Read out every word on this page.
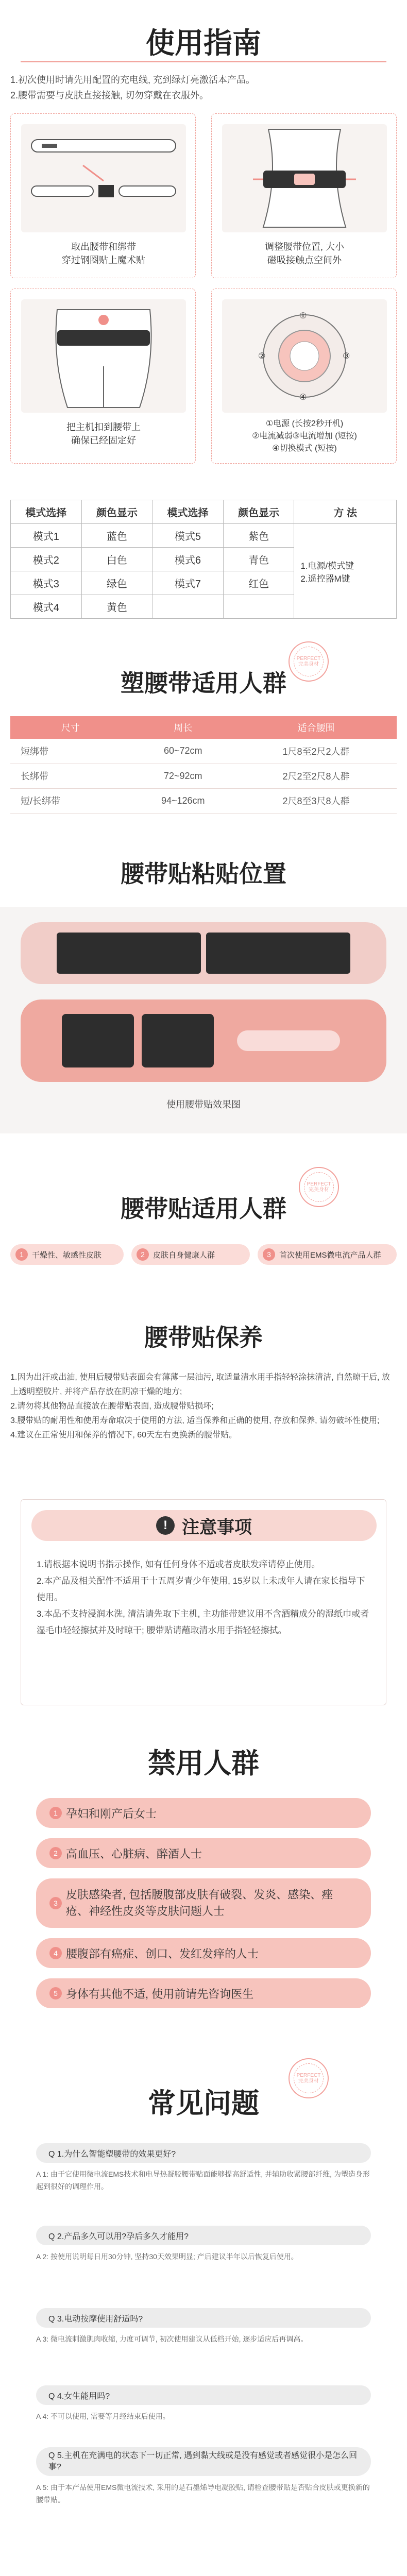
使用指南
1.初次使用时请先用配置的充电线, 充到绿灯亮激活本产品。
2.腰带需要与皮肤直接接触, 切勿穿戴在衣服外。
取出腰带和绑带
穿过钢圈贴上魔术贴
调整腰带位置, 大小
磁吸接触点空间外
把主机扣到腰带上
确保已经固定好
①
②	③
④
①电源 (长按2秒开机)
②电流减弱③电流增加 (短按)
④切换模式 (短按)
模式选择	颜色显示	模式选择	颜色显示	方 法
模式1	蓝色	模式5	紫色	1.电源/模式键
2.遥控器M键
模式2	白色	模式6	青色	
模式3	绿色	模式7	红色	
模式4	黄色			
PERFECT
完美身材
塑腰带适用人群
尺寸	周长	适合腰围
短绑带	60~72cm	1尺8至2尺2人群
长绑带	72~92cm	2尺2至2尺8人群
短/长绑带	94~126cm	2尺8至3尺8人群
腰带贴粘贴位置
使用腰带贴效果图
PERFECT
完美身材
腰带贴适用人群
1	干燥性、敏感性皮肤	2	皮肤自身健康人群	3	首次使用EMS微电流产品人群
腰带贴保养
1.因为出汗或出油, 使用后腰带贴表面会有薄薄一层油污, 取适量清水用手指轻轻涂抹清洁, 自然晾干后, 放上透明塑胶片, 并将产品存放在阴凉干燥的地方;
2.请勿将其他物品直接放在腰带贴表面, 造成腰带贴损坏;
3.腰带贴的耐用性和使用寿命取决于使用的方法, 适当保养和正确的使用, 存放和保养, 请勿破坏性使用;
4.建议在正常使用和保养的情况下, 60天左右更换新的腰带贴。
! 注意事项
1.请根据本说明书指示操作, 如有任何身体不适或者皮肤发痒请停止使用。
2.本产品及相关配件不适用于十五周岁青少年使用, 15岁以上未成年人请在家长指导下使用。
3.本品不支持浸润水洗, 清洁请先取下主机, 主功能带建议用不含酒精成分的湿纸巾或者湿毛巾轻轻擦拭并及时晾干; 腰带贴请蘸取清水用手指轻轻擦拭。
禁用人群
1 孕妇和刚产后女士
2 高血压、心脏病、醉酒人士
3
皮肤感染者, 包括腰腹部皮肤有破裂、发炎、感染、痤疮、神经性皮炎等皮肤问题人士
4 腰腹部有癌症、创口、发红发痒的人士
5 身体有其他不适, 使用前请先咨询医生
PERFECT
完美身材
常见问题
Q 1.为什么智能塑腰带的效果更好?
A 1: 由于它使用微电流EMS技术和电导热凝胶腰带贴面能够提高舒适性, 并辅助收紧腰部纤维, 为塑造身形起到很好的调理作用。
Q 2.产品多久可以用?孕后多久才能用?
A 2: 按使用说明每日用30分钟, 坚持30天效果明显; 产后建议半年以后恢复后使用。
Q 3.电动按摩使用舒适吗?
A 3: 微电流刺激肌肉收缩, 力度可调节, 初次使用建议从低档开始, 逐步适应后再调高。
Q 4.女生能用吗?
A 4: 不可以使用, 需要等月经结束后使用。
Q 5.主机在充满电的状态下一切正常, 遇到黏大线或是没有感觉或者感觉很小是怎么回事?
A 5: 由于本产品使用EMS微电流技术, 采用的是石墨烯导电凝胶贴, 请检查腰带贴是否贴合皮肤或更换新的腰带贴。
